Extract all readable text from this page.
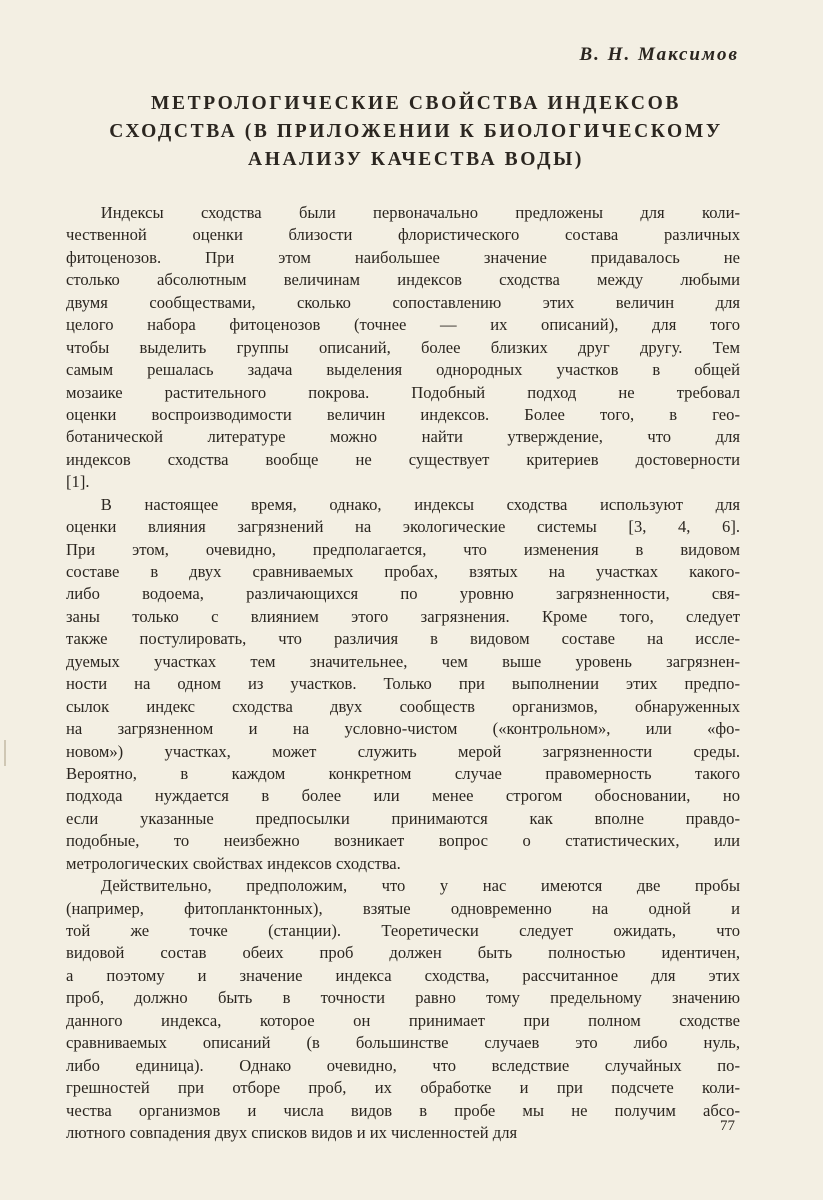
В. Н. Максимов

МЕТРОЛОГИЧЕСКИЕ СВОЙСТВА ИНДЕКСОВ
СХОДСТВА (В ПРИЛОЖЕНИИ К БИОЛОГИЧЕСКОМУ
АНАЛИЗУ КАЧЕСТВА ВОДЫ)

Индексы сходства были первоначально предложены для коли-
чественной оценки близости флористического состава различных
фитоценозов. При этом наибольшее значение придавалось не
столько абсолютным величинам индексов сходства между любыми
двумя сообществами, сколько сопоставлению этих величин для
целого набора фитоценозов (точнее — их описаний), для того
чтобы выделить группы описаний, более близких друг другу. Тем
самым решалась задача выделения однородных участков в общей
мозаике растительного покрова. Подобный подход не требовал
оценки воспроизводимости величин индексов. Более того, в гео-
ботанической литературе можно найти утверждение, что для
индексов сходства вообще не существует критериев достоверности
[1].

В настоящее время, однако, индексы сходства используют для
оценки влияния загрязнений на экологические системы [3, 4, 6].
При этом, очевидно, предполагается, что изменения в видовом
составе в двух сравниваемых пробах, взятых на участках какого-
либо водоема, различающихся по уровню загрязненности, свя-
заны только с влиянием этого загрязнения. Кроме того, следует
также постулировать, что различия в видовом составе на иссле-
дуемых участках тем значительнее, чем выше уровень загрязнен-
ности на одном из участков. Только при выполнении этих предпо-
сылок индекс сходства двух сообществ организмов, обнаруженных
на загрязненном и на условно-чистом («контрольном», или «фо-
новом») участках, может служить мерой загрязненности среды.
Вероятно, в каждом конкретном случае правомерность такого
подхода нуждается в более или менее строгом обосновании, но
если указанные предпосылки принимаются как вполне правдо-
подобные, то неизбежно возникает вопрос о статистических, или
метрологических свойствах индексов сходства.

Действительно, предположим, что у нас имеются две пробы
(например, фитопланктонных), взятые одновременно на одной и
той же точке (станции). Теоретически следует ожидать, что
видовой состав обеих проб должен быть полностью идентичен,
а поэтому и значение индекса сходства, рассчитанное для этих
проб, должно быть в точности равно тому предельному значению
данного индекса, которое он принимает при полном сходстве
сравниваемых описаний (в большинстве случаев это либо нуль,
либо единица). Однако очевидно, что вследствие случайных по-
грешностей при отборе проб, их обработке и при подсчете коли-
чества организмов и числа видов в пробе мы не получим абсо-
лютного совпадения двух списков видов и их численностей для	77
